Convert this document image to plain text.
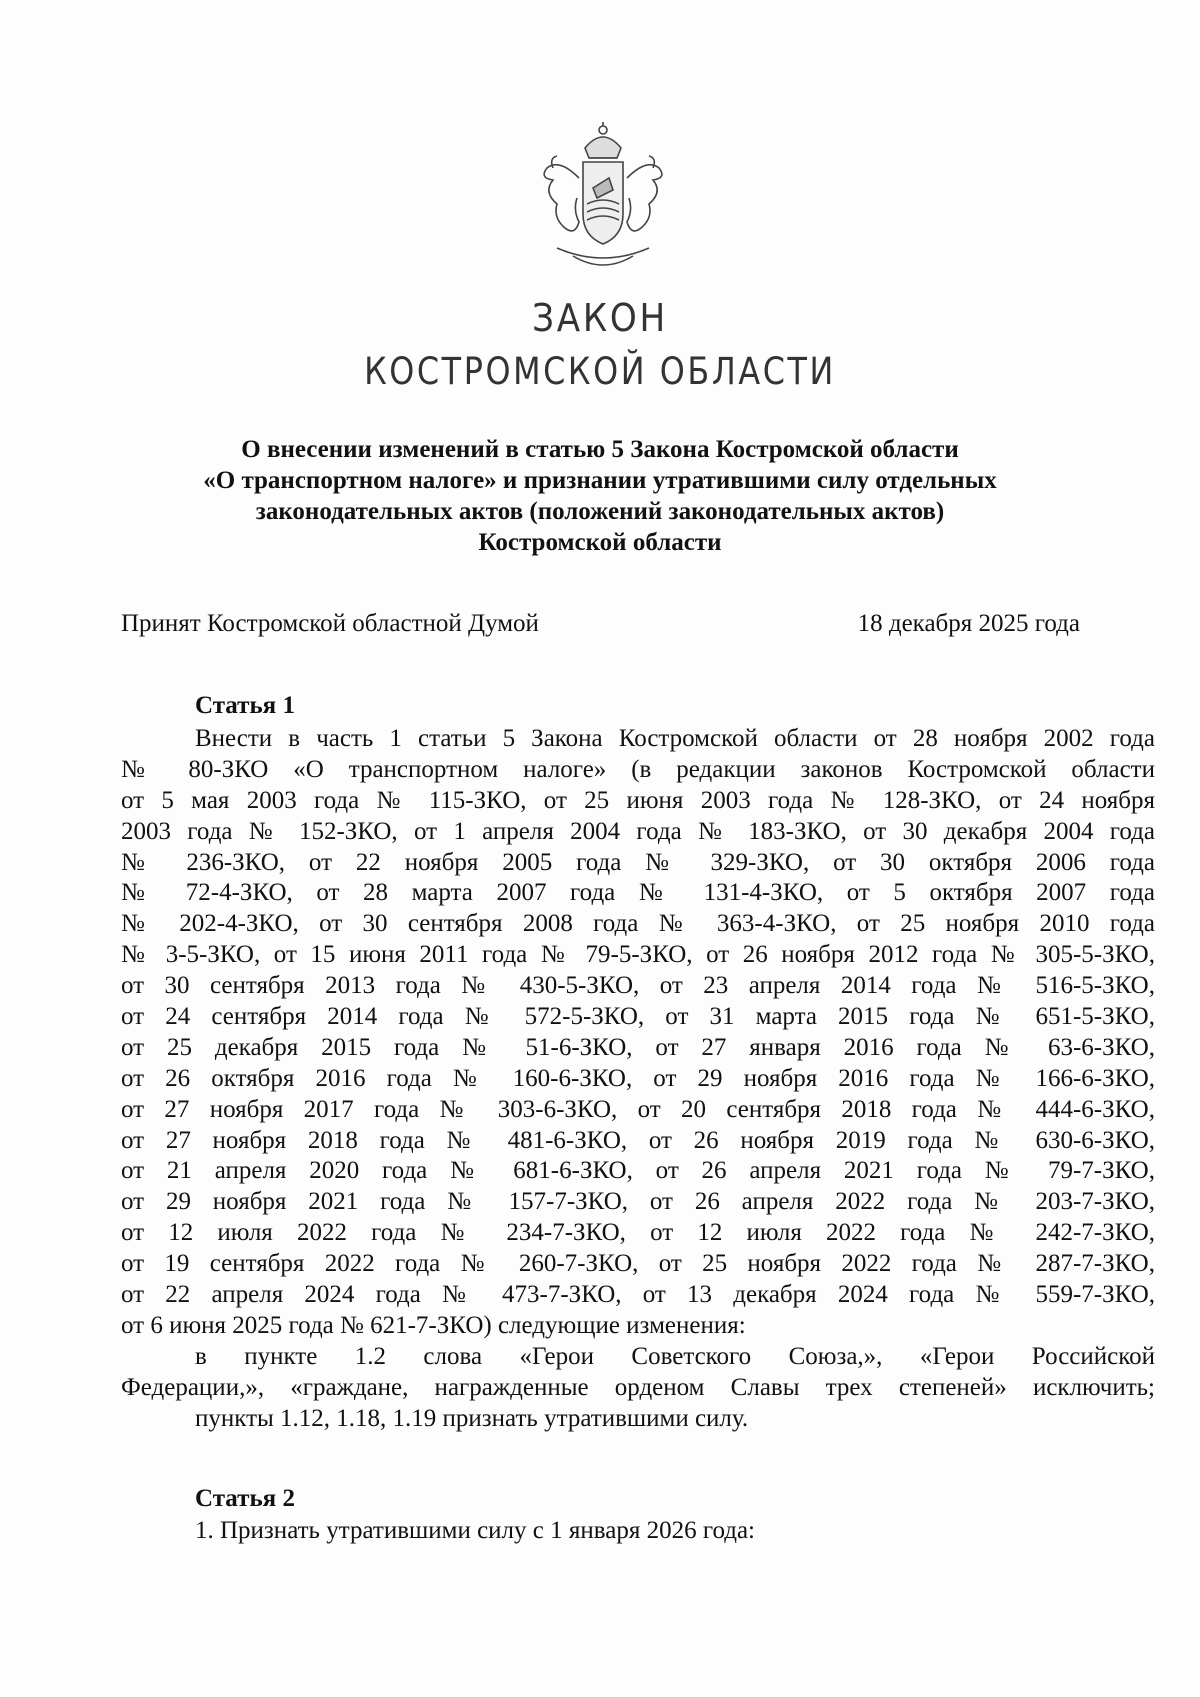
ЗАКОН
КОСТРОМСКОЙ ОБЛАСТИ
О внесении изменений в статью 5 Закона Костромской области
«О транспортном налоге» и признании утратившими силу отдельных
законодательных актов (положений законодательных актов)
Костромской области
Принят Костромской областной Думой	18 декабря 2025 года
Статья 1
Внести в часть 1 статьи 5 Закона Костромской области от 28 ноября 2002 года
№ 80-ЗКО «О транспортном налоге» (в редакции законов Костромской области
от 5 мая 2003 года № 115-ЗКО, от 25 июня 2003 года № 128-ЗКО, от 24 ноября
2003 года № 152-ЗКО, от 1 апреля 2004 года № 183-ЗКО, от 30 декабря 2004 года
№ 236-ЗКО, от 22 ноября 2005 года № 329-ЗКО, от 30 октября 2006 года
№ 72-4-ЗКО, от 28 марта 2007 года № 131-4-ЗКО, от 5 октября 2007 года
№ 202-4-ЗКО, от 30 сентября 2008 года № 363-4-ЗКО, от 25 ноября 2010 года
№ 3-5-ЗКО, от 15 июня 2011 года № 79-5-ЗКО, от 26 ноября 2012 года № 305-5-ЗКО,
от 30 сентября 2013 года № 430-5-ЗКО, от 23 апреля 2014 года № 516-5-ЗКО,
от 24 сентября 2014 года № 572-5-ЗКО, от 31 марта 2015 года № 651-5-ЗКО,
от 25 декабря 2015 года № 51-6-ЗКО, от 27 января 2016 года № 63-6-ЗКО,
от 26 октября 2016 года № 160-6-ЗКО, от 29 ноября 2016 года № 166-6-ЗКО,
от 27 ноября 2017 года № 303-6-ЗКО, от 20 сентября 2018 года № 444-6-ЗКО,
от 27 ноября 2018 года № 481-6-ЗКО, от 26 ноября 2019 года № 630-6-ЗКО,
от 21 апреля 2020 года № 681-6-ЗКО, от 26 апреля 2021 года № 79-7-ЗКО,
от 29 ноября 2021 года № 157-7-ЗКО, от 26 апреля 2022 года № 203-7-ЗКО,
от 12 июля 2022 года № 234-7-ЗКО, от 12 июля 2022 года № 242-7-ЗКО,
от 19 сентября 2022 года № 260-7-ЗКО, от 25 ноября 2022 года № 287-7-ЗКО,
от 22 апреля 2024 года № 473-7-ЗКО, от 13 декабря 2024 года № 559-7-ЗКО,
от 6 июня 2025 года № 621-7-ЗКО) следующие изменения:
в пункте 1.2 слова «Герои Советского Союза,», «Герои Российской
Федерации,», «граждане, награжденные орденом Славы трех степеней» исключить;
пункты 1.12, 1.18, 1.19 признать утратившими силу.
Статья 2
1. Признать утратившими силу с 1 января 2026 года:
